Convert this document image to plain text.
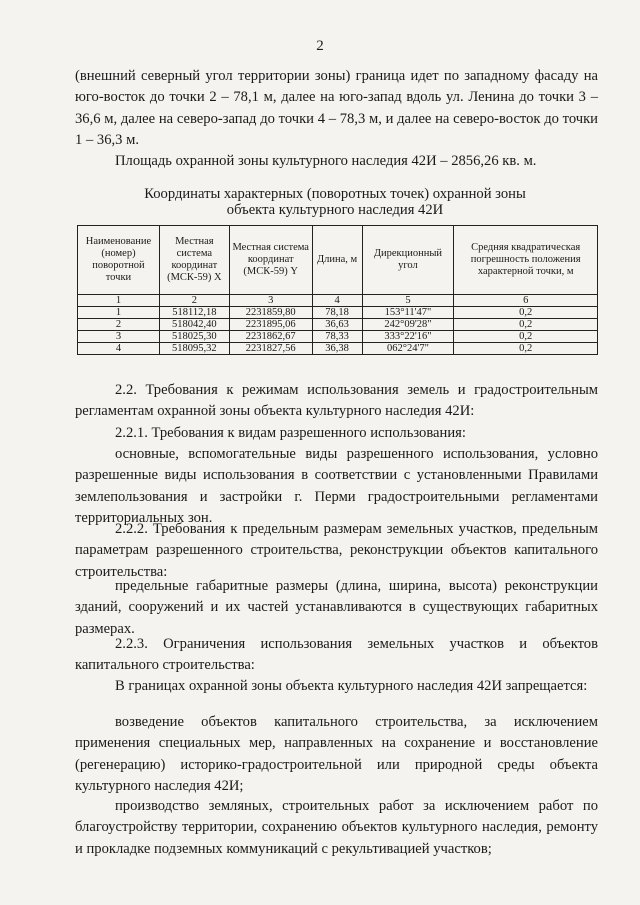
2

(внешний северный угол территории зоны) граница идет по западному фасаду на юго-восток до точки 2 – 78,1 м, далее на юго-запад вдоль ул. Ленина до точки 3 – 36,6 м, далее на северо-запад до точки 4 – 78,3 м, и далее на северо-восток до точки 1 – 36,3 м.

Площадь охранной зоны культурного наследия 42И – 2856,26 кв. м.

Координаты характерных (поворотных точек) охранной зоны
объекта культурного наследия 42И
Наименование (номер) поворотной точки	Местная система координат (МСК-59) X	Местная система координат (МСК-59) Y	Длина, м	Дирекционный угол	Средняя квадратическая погрешность положения характерной точки, м
1	2	3	4	5	6
1	518112,18	2231859,80	78,18	153°11'47"	0,2
2	518042,40	2231895,06	36,63	242°09'28"	0,2
3	518025,30	2231862,67	78,33	333°22'16"	0,2
4	518095,32	2231827,56	36,38	062°24'7"	0,2

2.2. Требования к режимам использования земель и градостроительным регламентам охранной зоны объекта культурного наследия 42И:

2.2.1. Требования к видам разрешенного использования:

основные, вспомогательные виды разрешенного использования, условно разрешенные виды использования в соответствии с установленными Правилами землепользования и застройки г. Перми градостроительными регламентами территориальных зон.

2.2.2. Требования к предельным размерам земельных участков, предельным параметрам разрешенного строительства, реконструкции объектов капитального строительства:

предельные габаритные размеры (длина, ширина, высота) реконструкции зданий, сооружений и их частей устанавливаются в существующих габаритных размерах.

2.2.3. Ограничения использования земельных участков и объектов капитального строительства:

В границах охранной зоны объекта культурного наследия 42И запрещается:

возведение объектов капитального строительства, за исключением применения специальных мер, направленных на сохранение и восстановление (регенерацию) историко-градостроительной или природной среды объекта культурного наследия 42И;

производство земляных, строительных работ за исключением работ по благоустройству территории, сохранению объектов культурного наследия, ремонту и прокладке подземных коммуникаций с рекультивацией участков;
